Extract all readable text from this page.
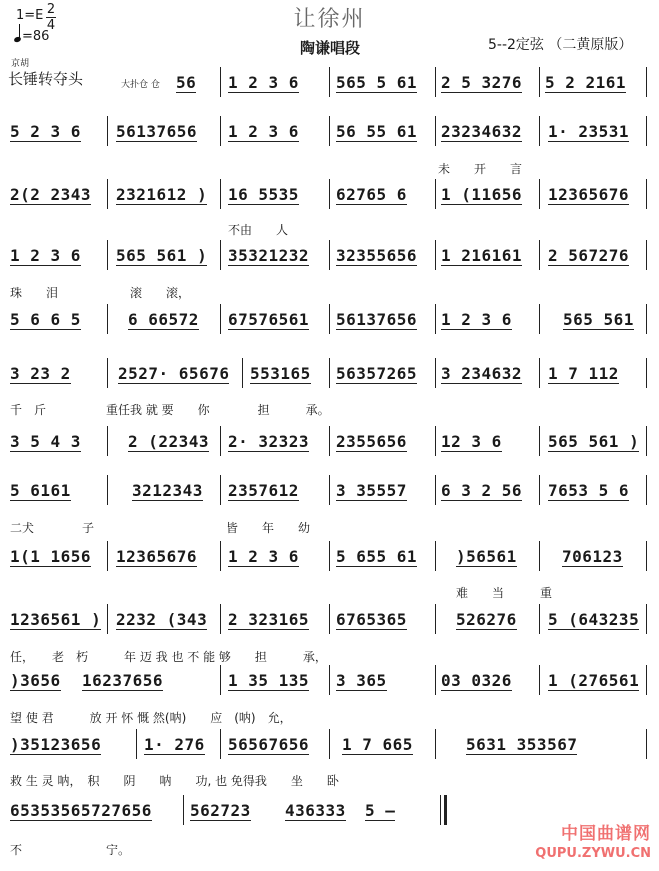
让徐州
陶谦唱段	5--2定弦 （二黄原版）
1=E 2
4
=86
京胡
长锤转夺头	大扑仓 仓 56 1 2 3 6 565 5 61 2 5 3276 5 2 2161
5 2 3 6 56137656 1 2 3 6 56 55 61 23234632 1· 23531
未　　开　　言
2(2 2343 2321612 ) 16 5535 62765 6 1 (11656 12365676
不由　　人
1 2 3 6 565 561 ) 35321232 32355656 1 216161 2 567276
珠　　泪　　　　　　滚　　滚，
5 6 6 5	6 66572 67576561 56137656 1 2 3 6	565 561
3 23 2	2527· 65676 553165 56357265 3 234632 1 7 112
千　斤　　　　　重任我 就 要　　你　　　　担　　　承。
3 5 4 3	2 (22343 2· 32323 2355656 12 3 6	565 561 )
5 6161	3212343 2357612 3 35557 6 3 2 56 7653 5 6
二犬　　　　子　　　　　　　　　　　皆　　年　　幼
1(1 1656 12365676 1 2 3 6 5 655 61 )56561	706123
难　　当　　　重
1236561 ) 2232 (343 2 323165 6765365	526276 5 (643235
任，　　老　朽　　　年 迈 我 也 不 能 够　　担　　　承，
)3656 16237656	1 35 135 3 365	03 0326 1 (276561
望 使 君　　　放 开 怀 慨 然(呐)　　应　(呐)　允，
)35123656	1· 276 56567656 1 7 665	5631 353567
救 生 灵 呐，　积　　阴　　呐　　功, 也 免得我　　坐　　卧
65353565727656 562723 436333 5 –
不　　　　　　　宁。
中国曲谱网
QUPU.ZYWU.CN
